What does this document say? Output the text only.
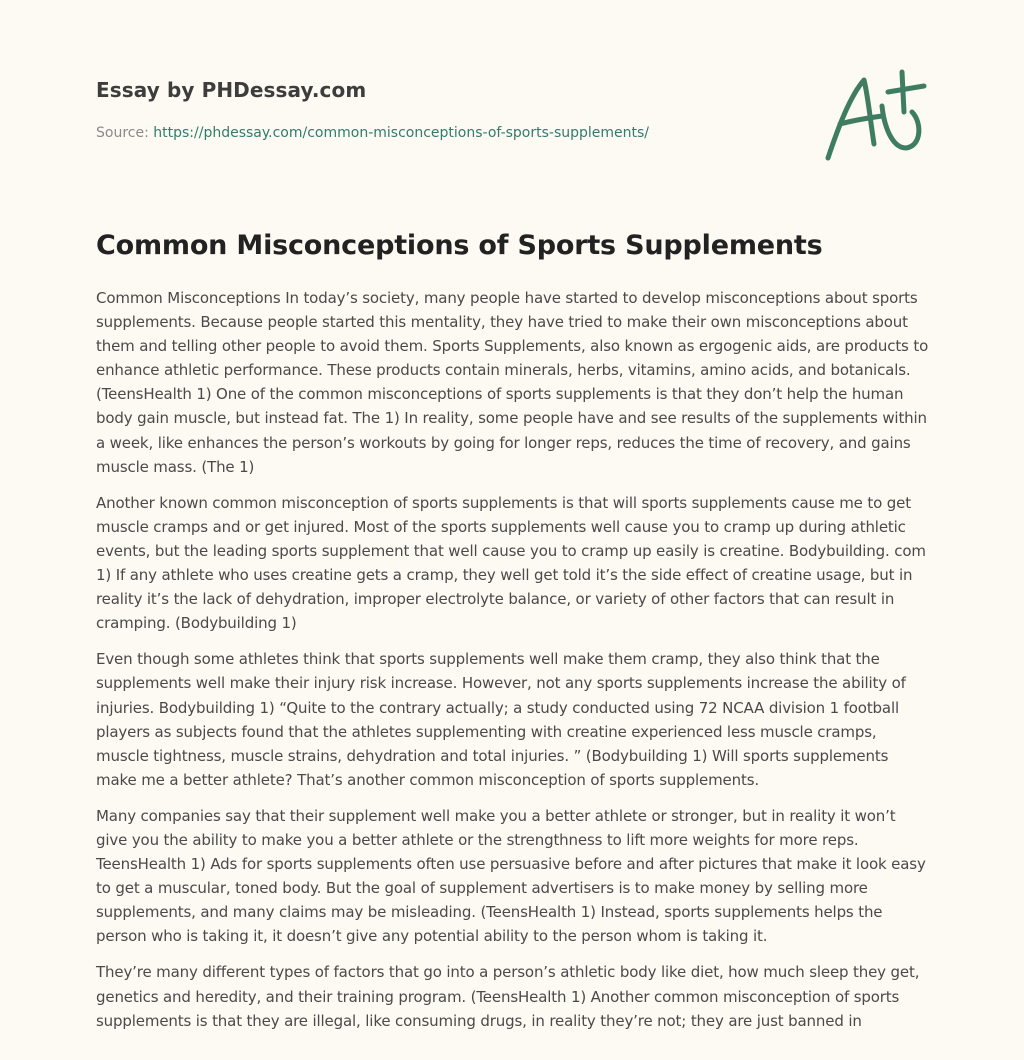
Essay by PHDessay.com
Source: https://phdessay.com/common-misconceptions-of-sports-supplements/
Common Misconceptions of Sports Supplements

Common Misconceptions In today’s society, many people have started to develop misconceptions about sports supplements. Because people started this mentality, they have tried to make their own misconceptions about them and telling other people to avoid them. Sports Supplements, also known as ergogenic aids, are products to enhance athletic performance. These products contain minerals, herbs, vitamins, amino acids, and botanicals. (TeensHealth 1) One of the common misconceptions of sports supplements is that they don’t help the human body gain muscle, but instead fat. The 1) In reality, some people have and see results of the supplements within a week, like enhances the person’s workouts by going for longer reps, reduces the time of recovery, and gains muscle mass. (The 1)

Another known common misconception of sports supplements is that will sports supplements cause me to get muscle cramps and or get injured. Most of the sports supplements well cause you to cramp up during athletic events, but the leading sports supplement that well cause you to cramp up easily is creatine. Bodybuilding. com 1) If any athlete who uses creatine gets a cramp, they well get told it’s the side effect of creatine usage, but in reality it’s the lack of dehydration, improper electrolyte balance, or variety of other factors that can result in cramping. (Bodybuilding 1)

Even though some athletes think that sports supplements well make them cramp, they also think that the supplements well make their injury risk increase. However, not any sports supplements increase the ability of injuries. Bodybuilding 1) “Quite to the contrary actually; a study conducted using 72 NCAA division 1 football players as subjects found that the athletes supplementing with creatine experienced less muscle cramps, muscle tightness, muscle strains, dehydration and total injuries. ” (Bodybuilding 1) Will sports supplements make me a better athlete? That’s another common misconception of sports supplements.

Many companies say that their supplement well make you a better athlete or stronger, but in reality it won’t give you the ability to make you a better athlete or the strengthness to lift more weights for more reps. TeensHealth 1) Ads for sports supplements often use persuasive before and after pictures that make it look easy to get a muscular, toned body. But the goal of supplement advertisers is to make money by selling more supplements, and many claims may be misleading. (TeensHealth 1) Instead, sports supplements helps the person who is taking it, it doesn’t give any potential ability to the person whom is taking it.

They’re many different types of factors that go into a person’s athletic body like diet, how much sleep they get, genetics and heredity, and their training program. (TeensHealth 1) Another common misconception of sports supplements is that they are illegal, like consuming drugs, in reality they’re not; they are just banned in
